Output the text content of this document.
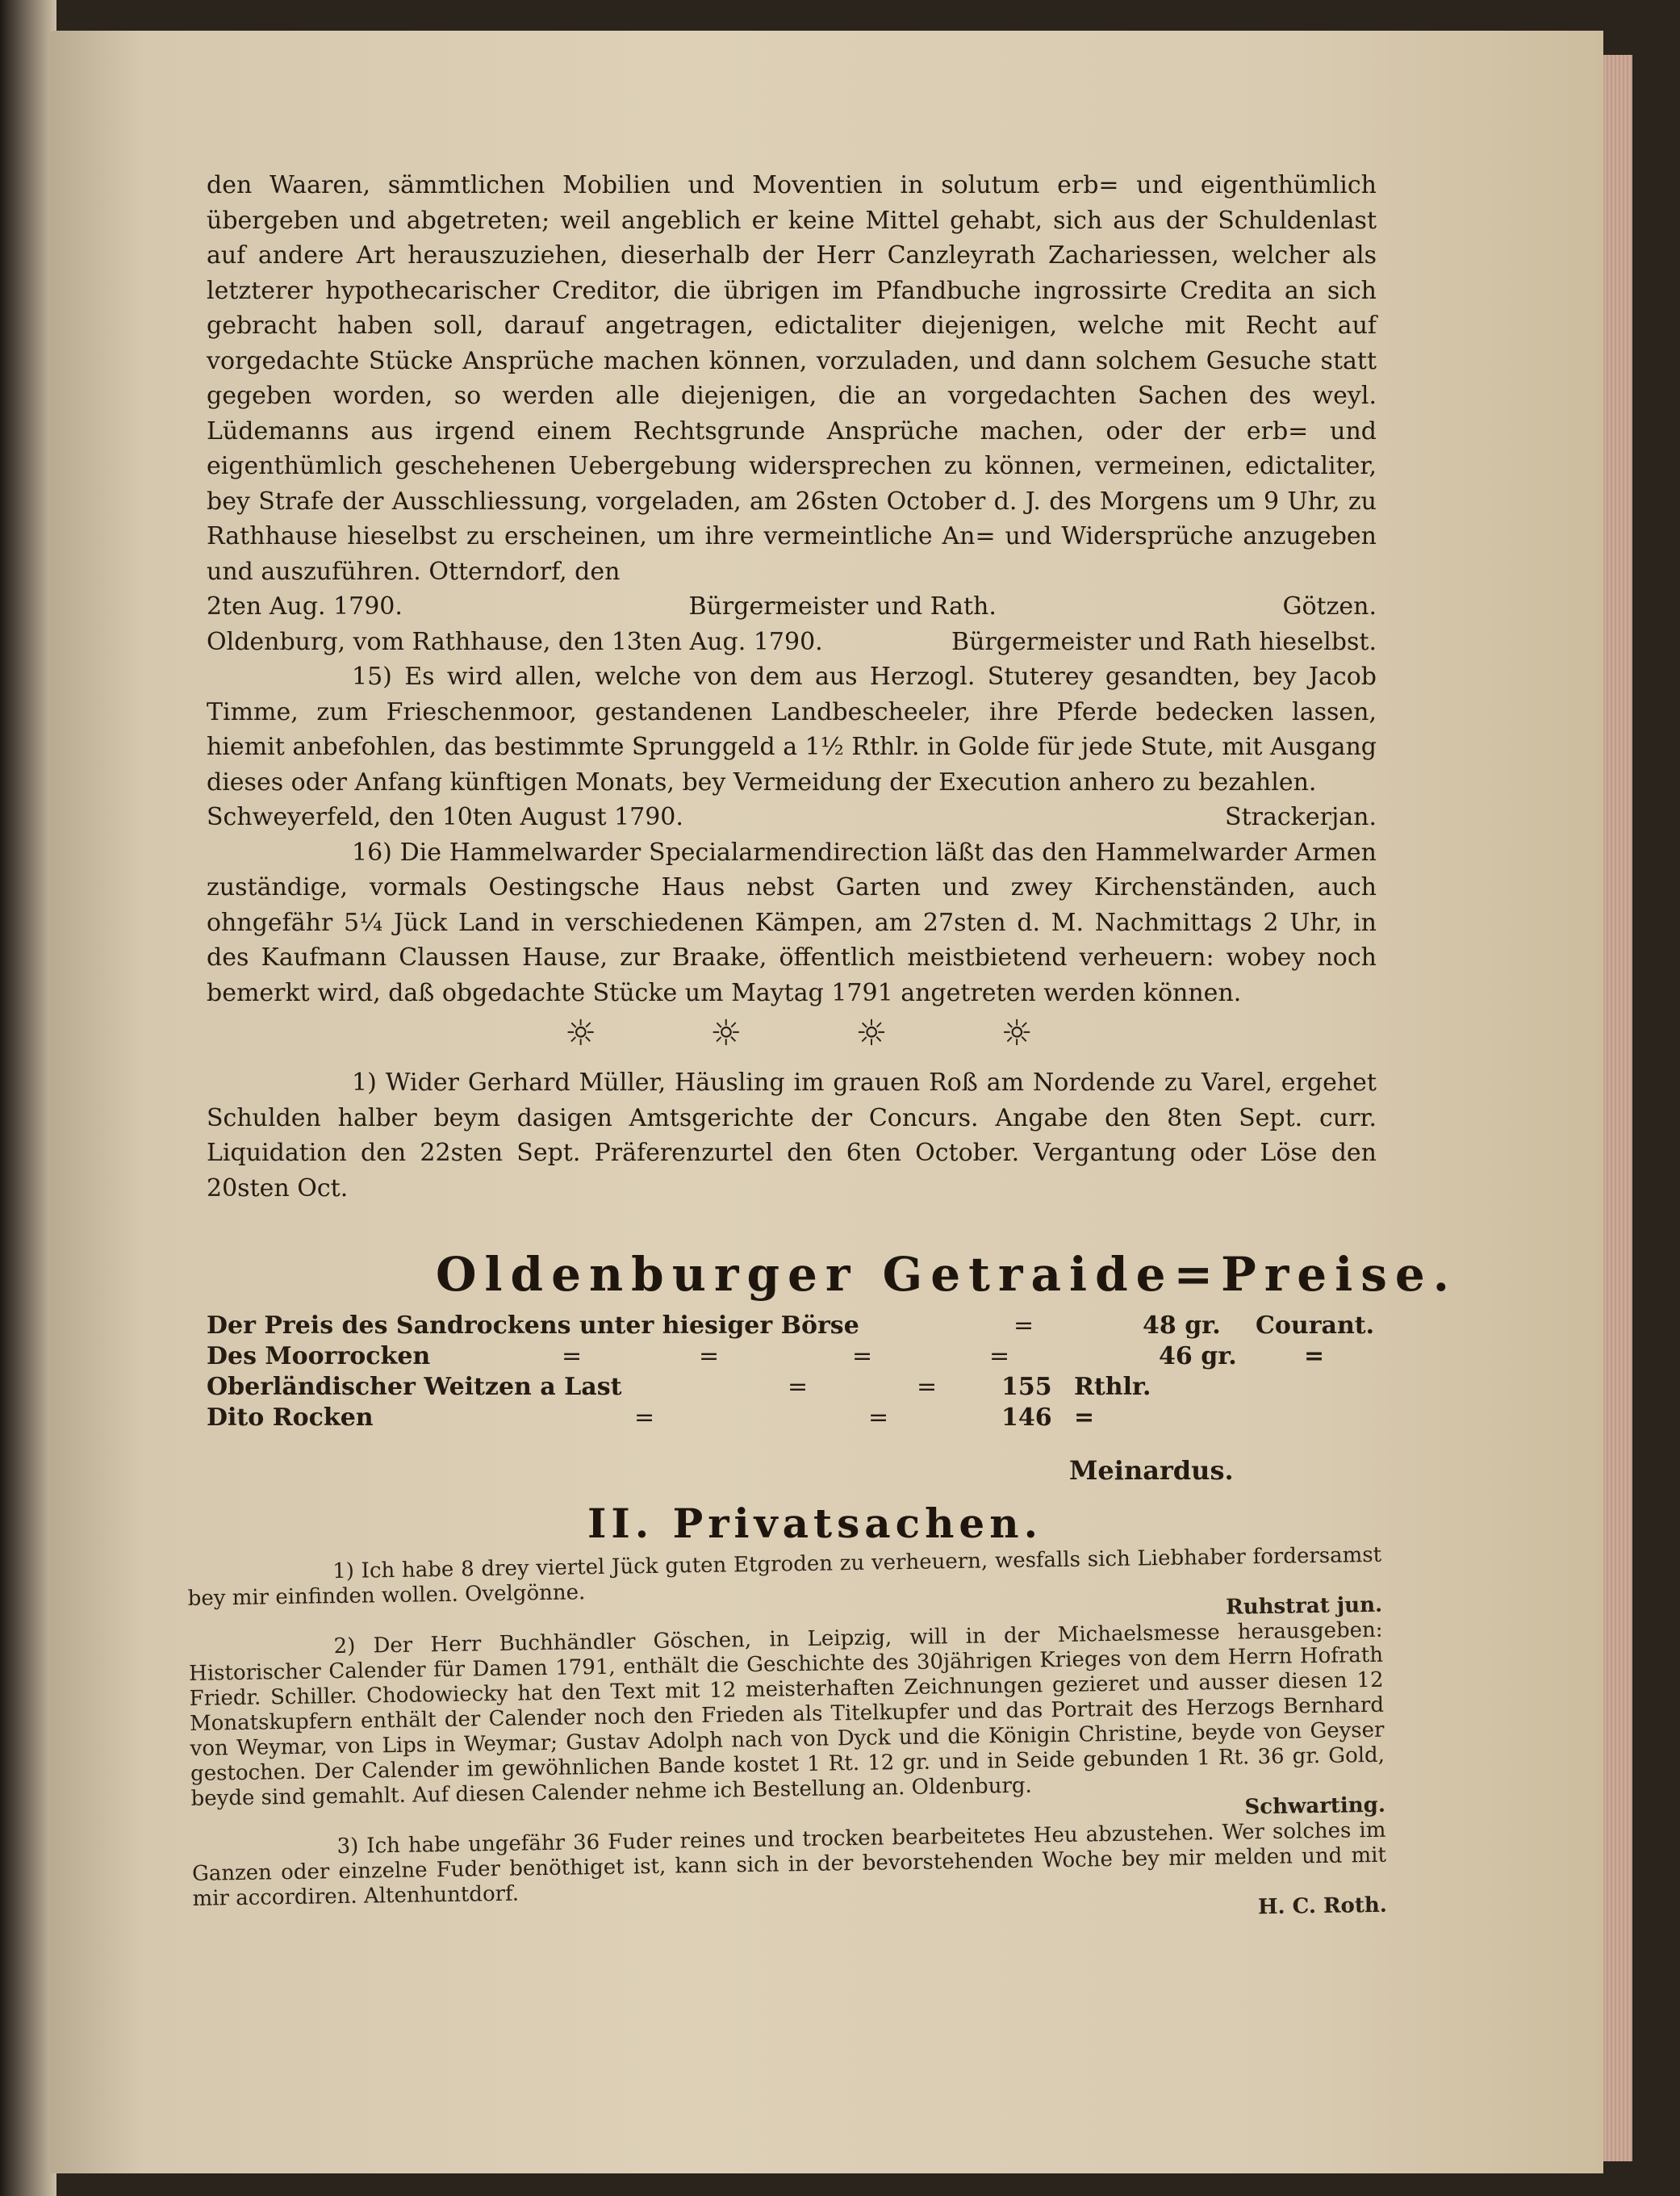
den Waaren, sämmtlichen Mobilien und Moventien in solutum erb= und eigenthümlich übergeben und abgetreten; weil angeblich er keine Mittel gehabt, sich aus der Schuldenlast auf andere Art herauszuziehen, dieserhalb der Herr Canzleyrath Zachariessen, welcher als letzterer hypothecarischer Creditor, die übrigen im Pfandbuche ingrossirte Credita an sich gebracht haben soll, darauf angetragen, edictaliter diejenigen, welche mit Recht auf vorgedachte Stücke Ansprüche machen können, vorzuladen, und dann solchem Gesuche statt gegeben worden, so werden alle diejenigen, die an vorgedachten Sachen des weyl. Lüdemanns aus irgend einem Rechtsgrunde Ansprüche machen, oder der erb= und eigenthümlich geschehenen Uebergebung widersprechen zu können, vermeinen, edictaliter, bey Strafe der Ausschliessung, vorgeladen, am 26sten October d. J. des Morgens um 9 Uhr, zu Rathhause hieselbst zu erscheinen, um ihre vermeintliche An= und Widersprüche anzugeben und auszuführen. Otterndorf, den

2ten Aug. 1790.	Bürgermeister und Rath.	Götzen.

Oldenburg, vom Rathhause, den 13ten Aug. 1790.	Bürgermeister und Rath hieselbst.

15) Es wird allen, welche von dem aus Herzogl. Stuterey gesandten, bey Jacob Timme, zum Frieschenmoor, gestandenen Landbescheeler, ihre Pferde bedecken lassen, hiemit anbefohlen, das bestimmte Sprunggeld a 1½ Rthlr. in Golde für jede Stute, mit Ausgang dieses oder Anfang künftigen Monats, bey Vermeidung der Execution anhero zu bezahlen.

Schweyerfeld, den 10ten August 1790.	Strackerjan.

16) Die Hammelwarder Specialarmendirection läßt das den Hammelwarder Armen zuständige, vormals Oestingsche Haus nebst Garten und zwey Kirchenständen, auch ohngefähr 5¼ Jück Land in verschiedenen Kämpen, am 27sten d. M. Nachmittags 2 Uhr, in des Kaufmann Claussen Hause, zur Braake, öffentlich meistbietend verheuern: wobey noch bemerkt wird, daß obgedachte Stücke um Maytag 1791 angetreten werden können.

☼	☼	☼	☼

1) Wider Gerhard Müller, Häusling im grauen Roß am Nordende zu Varel, ergehet Schulden halber beym dasigen Amtsgerichte der Concurs. Angabe den 8ten Sept. curr. Liquidation den 22sten Sept. Präferenzurtel den 6ten October. Vergantung oder Löse den 20sten Oct.

Oldenburger Getraide=Preise.
Der Preis des Sandrockens unter hiesiger Börse	=	48 gr. Courant.
Des Moorrocken	=	=	=	=	46 gr.	=
Oberländischer Weitzen a Last	=	=	155 Rthlr.
Dito Rocken	=	=	146 =
Meinardus.
II. Privatsachen.

1) Ich habe 8 drey viertel Jück guten Etgroden zu verheuern, wesfalls sich Liebhaber fordersamst bey mir einfinden wollen. Ovelgönne.	Ruhstrat jun.

2) Der Herr Buchhändler Göschen, in Leipzig, will in der Michaelsmesse herausgeben: Historischer Calender für Damen 1791, enthält die Geschichte des 30jährigen Krieges von dem Herrn Hofrath Friedr. Schiller. Chodowiecky hat den Text mit 12 meisterhaften Zeichnungen gezieret und ausser diesen 12 Monatskupfern enthält der Calender noch den Frieden als Titelkupfer und das Portrait des Herzogs Bernhard von Weymar, von Lips in Weymar; Gustav Adolph nach von Dyck und die Königin Christine, beyde von Geyser gestochen. Der Calender im gewöhnlichen Bande kostet 1 Rt. 12 gr. und in Seide gebunden 1 Rt. 36 gr. Gold, beyde sind gemahlt. Auf diesen Calender nehme ich Bestellung an. Oldenburg.	Schwarting.

3) Ich habe ungefähr 36 Fuder reines und trocken bearbeitetes Heu abzustehen. Wer solches im Ganzen oder einzelne Fuder benöthiget ist, kann sich in der bevorstehenden Woche bey mir melden und mit mir accordiren. Altenhuntdorf.	H. C. Roth.
